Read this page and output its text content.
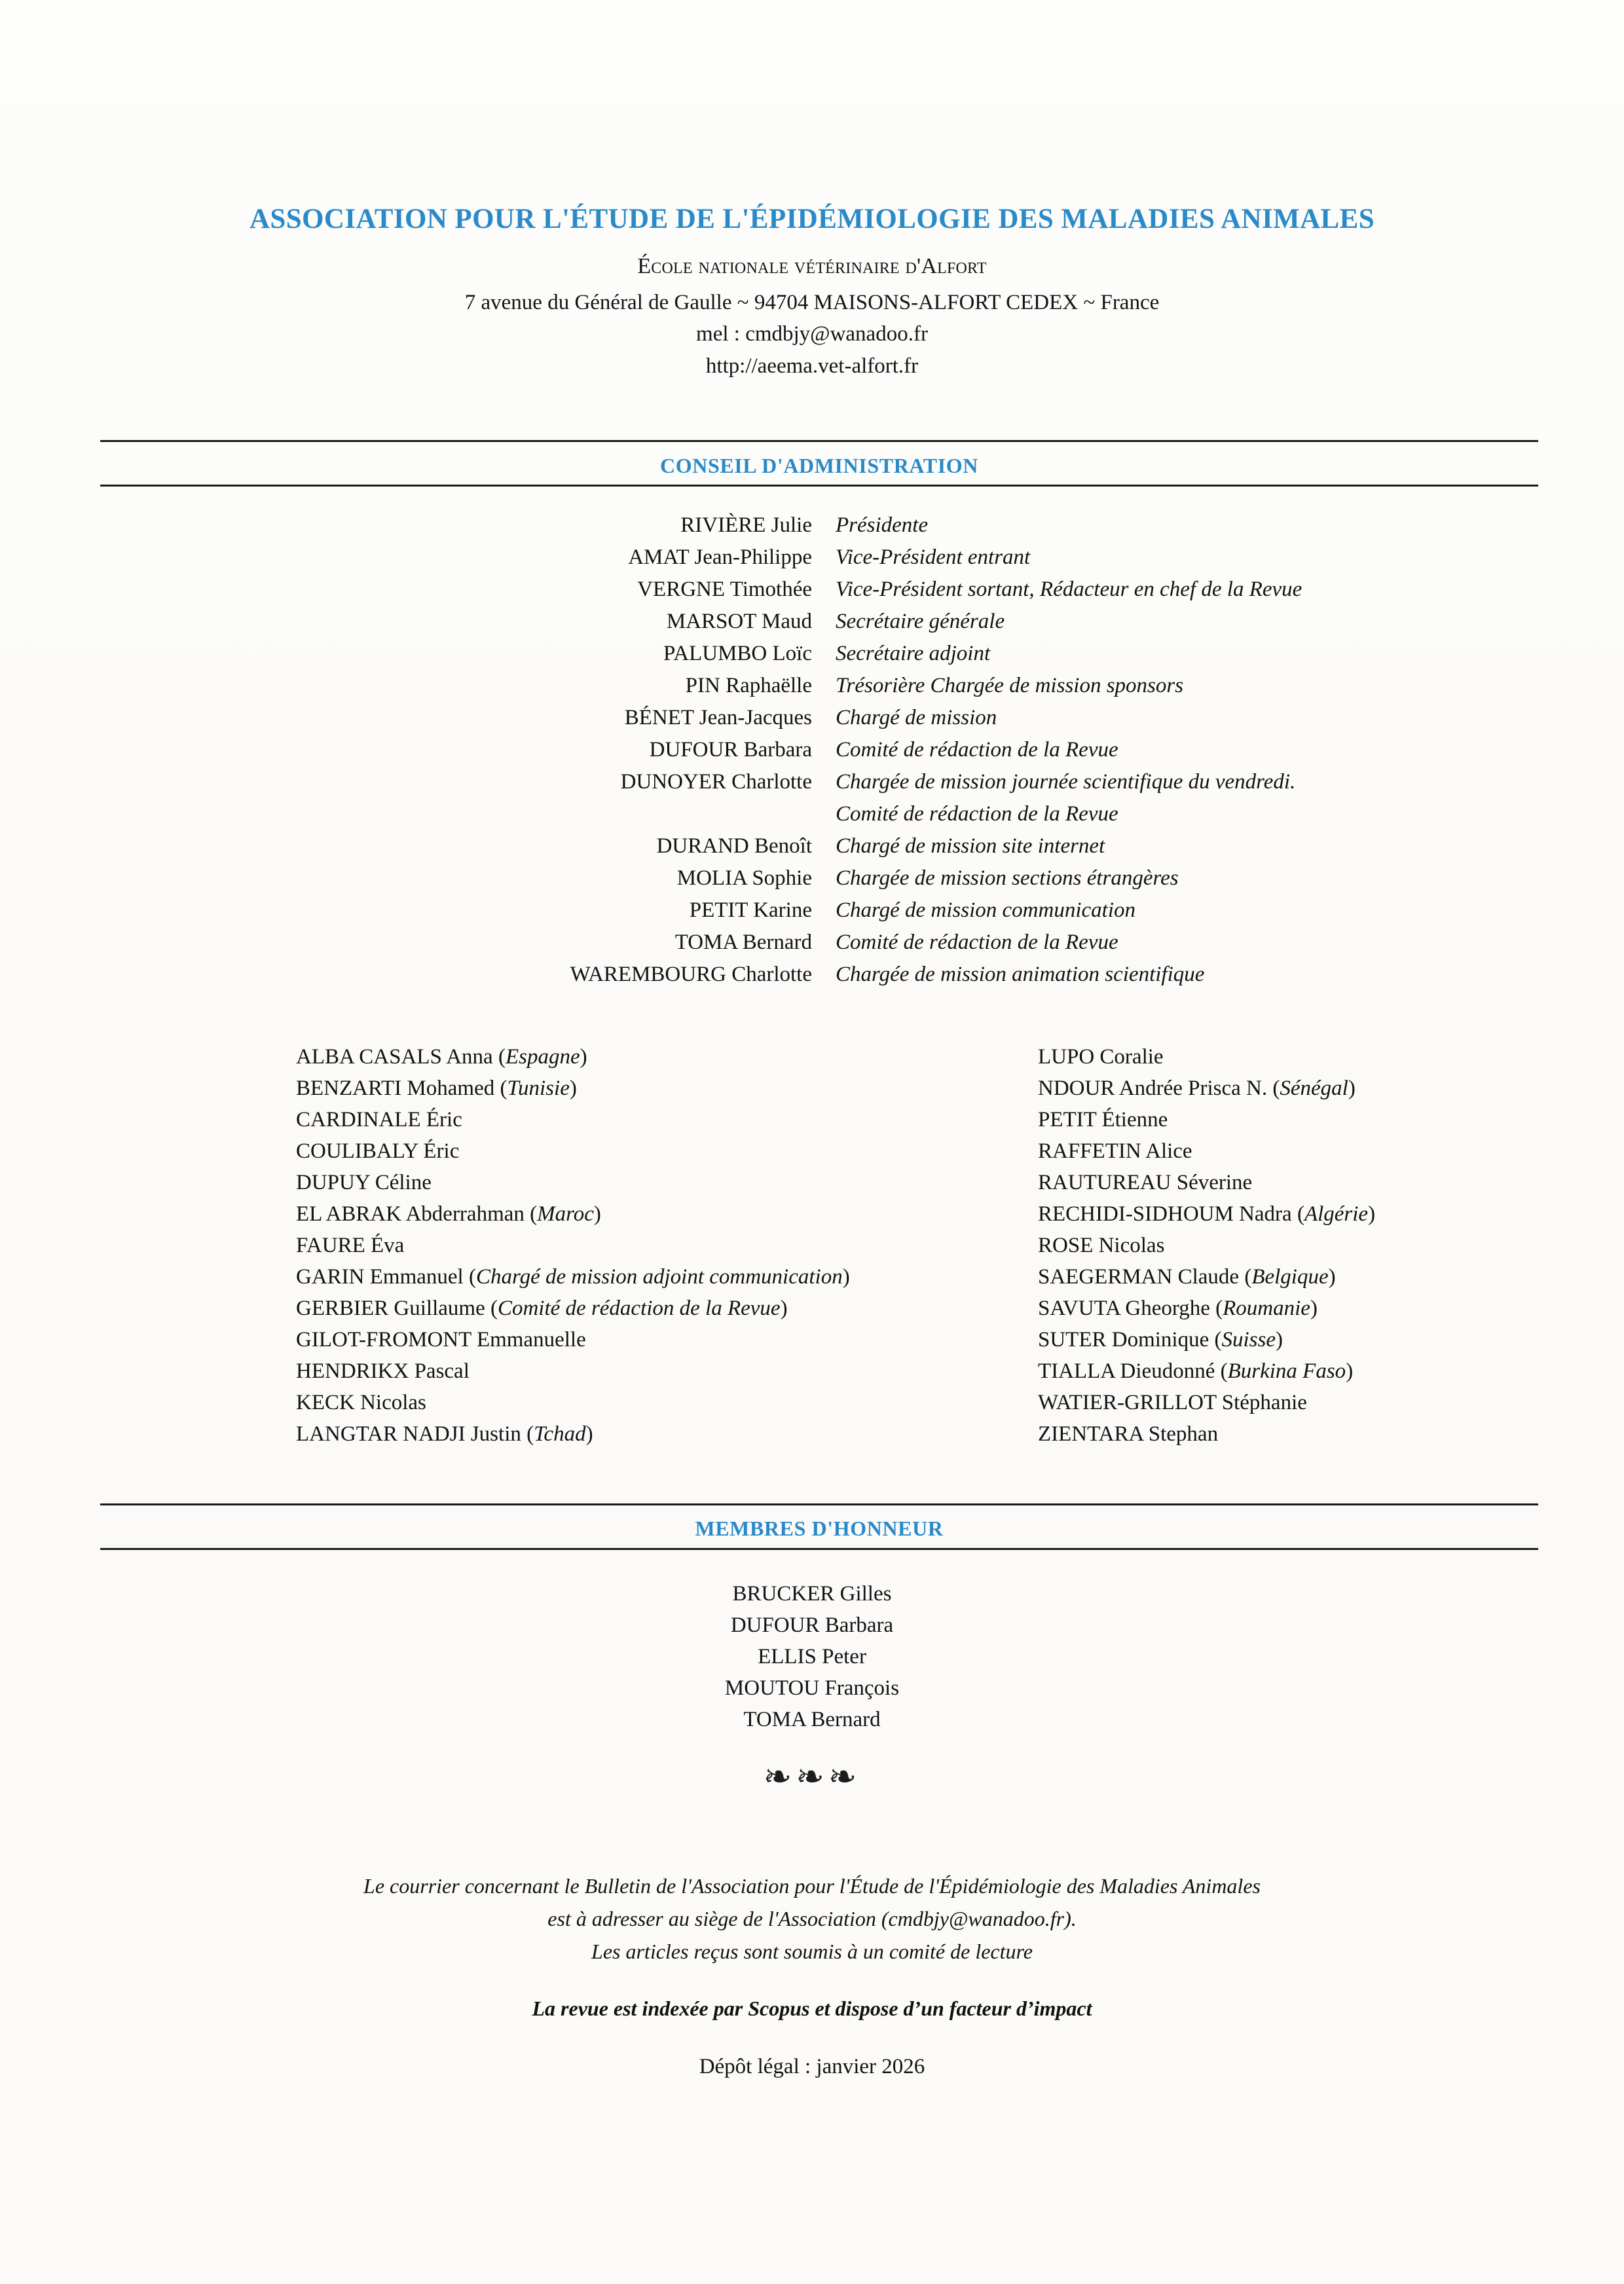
ASSOCIATION POUR L'ÉTUDE DE L'ÉPIDÉMIOLOGIE DES MALADIES ANIMALES
École nationale vétérinaire d'Alfort
7 avenue du Général de Gaulle ~ 94704 MAISONS-ALFORT CEDEX ~ France
mel : cmdbjy@wanadoo.fr
http://aeema.vet-alfort.fr
CONSEIL D'ADMINISTRATION
RIVIÈRE Julie	Présidente
AMAT Jean-Philippe	Vice-Président entrant
VERGNE Timothée	Vice-Président sortant, Rédacteur en chef de la Revue
MARSOT Maud	Secrétaire générale
PALUMBO Loïc	Secrétaire adjoint
PIN Raphaëlle	Trésorière Chargée de mission sponsors
BÉNET Jean-Jacques	Chargé de mission
DUFOUR Barbara	Comité de rédaction de la Revue
DUNOYER Charlotte	Chargée de mission journée scientifique du vendredi.
Comité de rédaction de la Revue
DURAND Benoît	Chargé de mission site internet
MOLIA Sophie	Chargée de mission sections étrangères
PETIT Karine	Chargé de mission communication
TOMA Bernard	Comité de rédaction de la Revue
WAREMBOURG Charlotte	Chargée de mission animation scientifique
ALBA CASALS Anna (Espagne)
BENZARTI Mohamed (Tunisie)
CARDINALE Éric
COULIBALY Éric
DUPUY Céline
EL ABRAK Abderrahman (Maroc)
FAURE Éva
GARIN Emmanuel (Chargé de mission adjoint communication)
GERBIER Guillaume (Comité de rédaction de la Revue)
GILOT-FROMONT Emmanuelle
HENDRIKX Pascal
KECK Nicolas
LANGTAR NADJI Justin (Tchad)
LUPO Coralie
NDOUR Andrée Prisca N. (Sénégal)
PETIT Étienne
RAFFETIN Alice
RAUTUREAU Séverine
RECHIDI-SIDHOUM Nadra (Algérie)
ROSE Nicolas
SAEGERMAN Claude (Belgique)
SAVUTA Gheorghe (Roumanie)
SUTER Dominique (Suisse)
TIALLA Dieudonné (Burkina Faso)
WATIER-GRILLOT Stéphanie
ZIENTARA Stephan
MEMBRES D'HONNEUR
BRUCKER Gilles
DUFOUR Barbara
ELLIS Peter
MOUTOU François
TOMA Bernard
❧❧❧
Le courrier concernant le Bulletin de l'Association pour l'Étude de l'Épidémiologie des Maladies Animales
est à adresser au siège de l'Association (cmdbjy@wanadoo.fr).
Les articles reçus sont soumis à un comité de lecture
La revue est indexée par Scopus et dispose d’un facteur d’impact
Dépôt légal : janvier 2026
